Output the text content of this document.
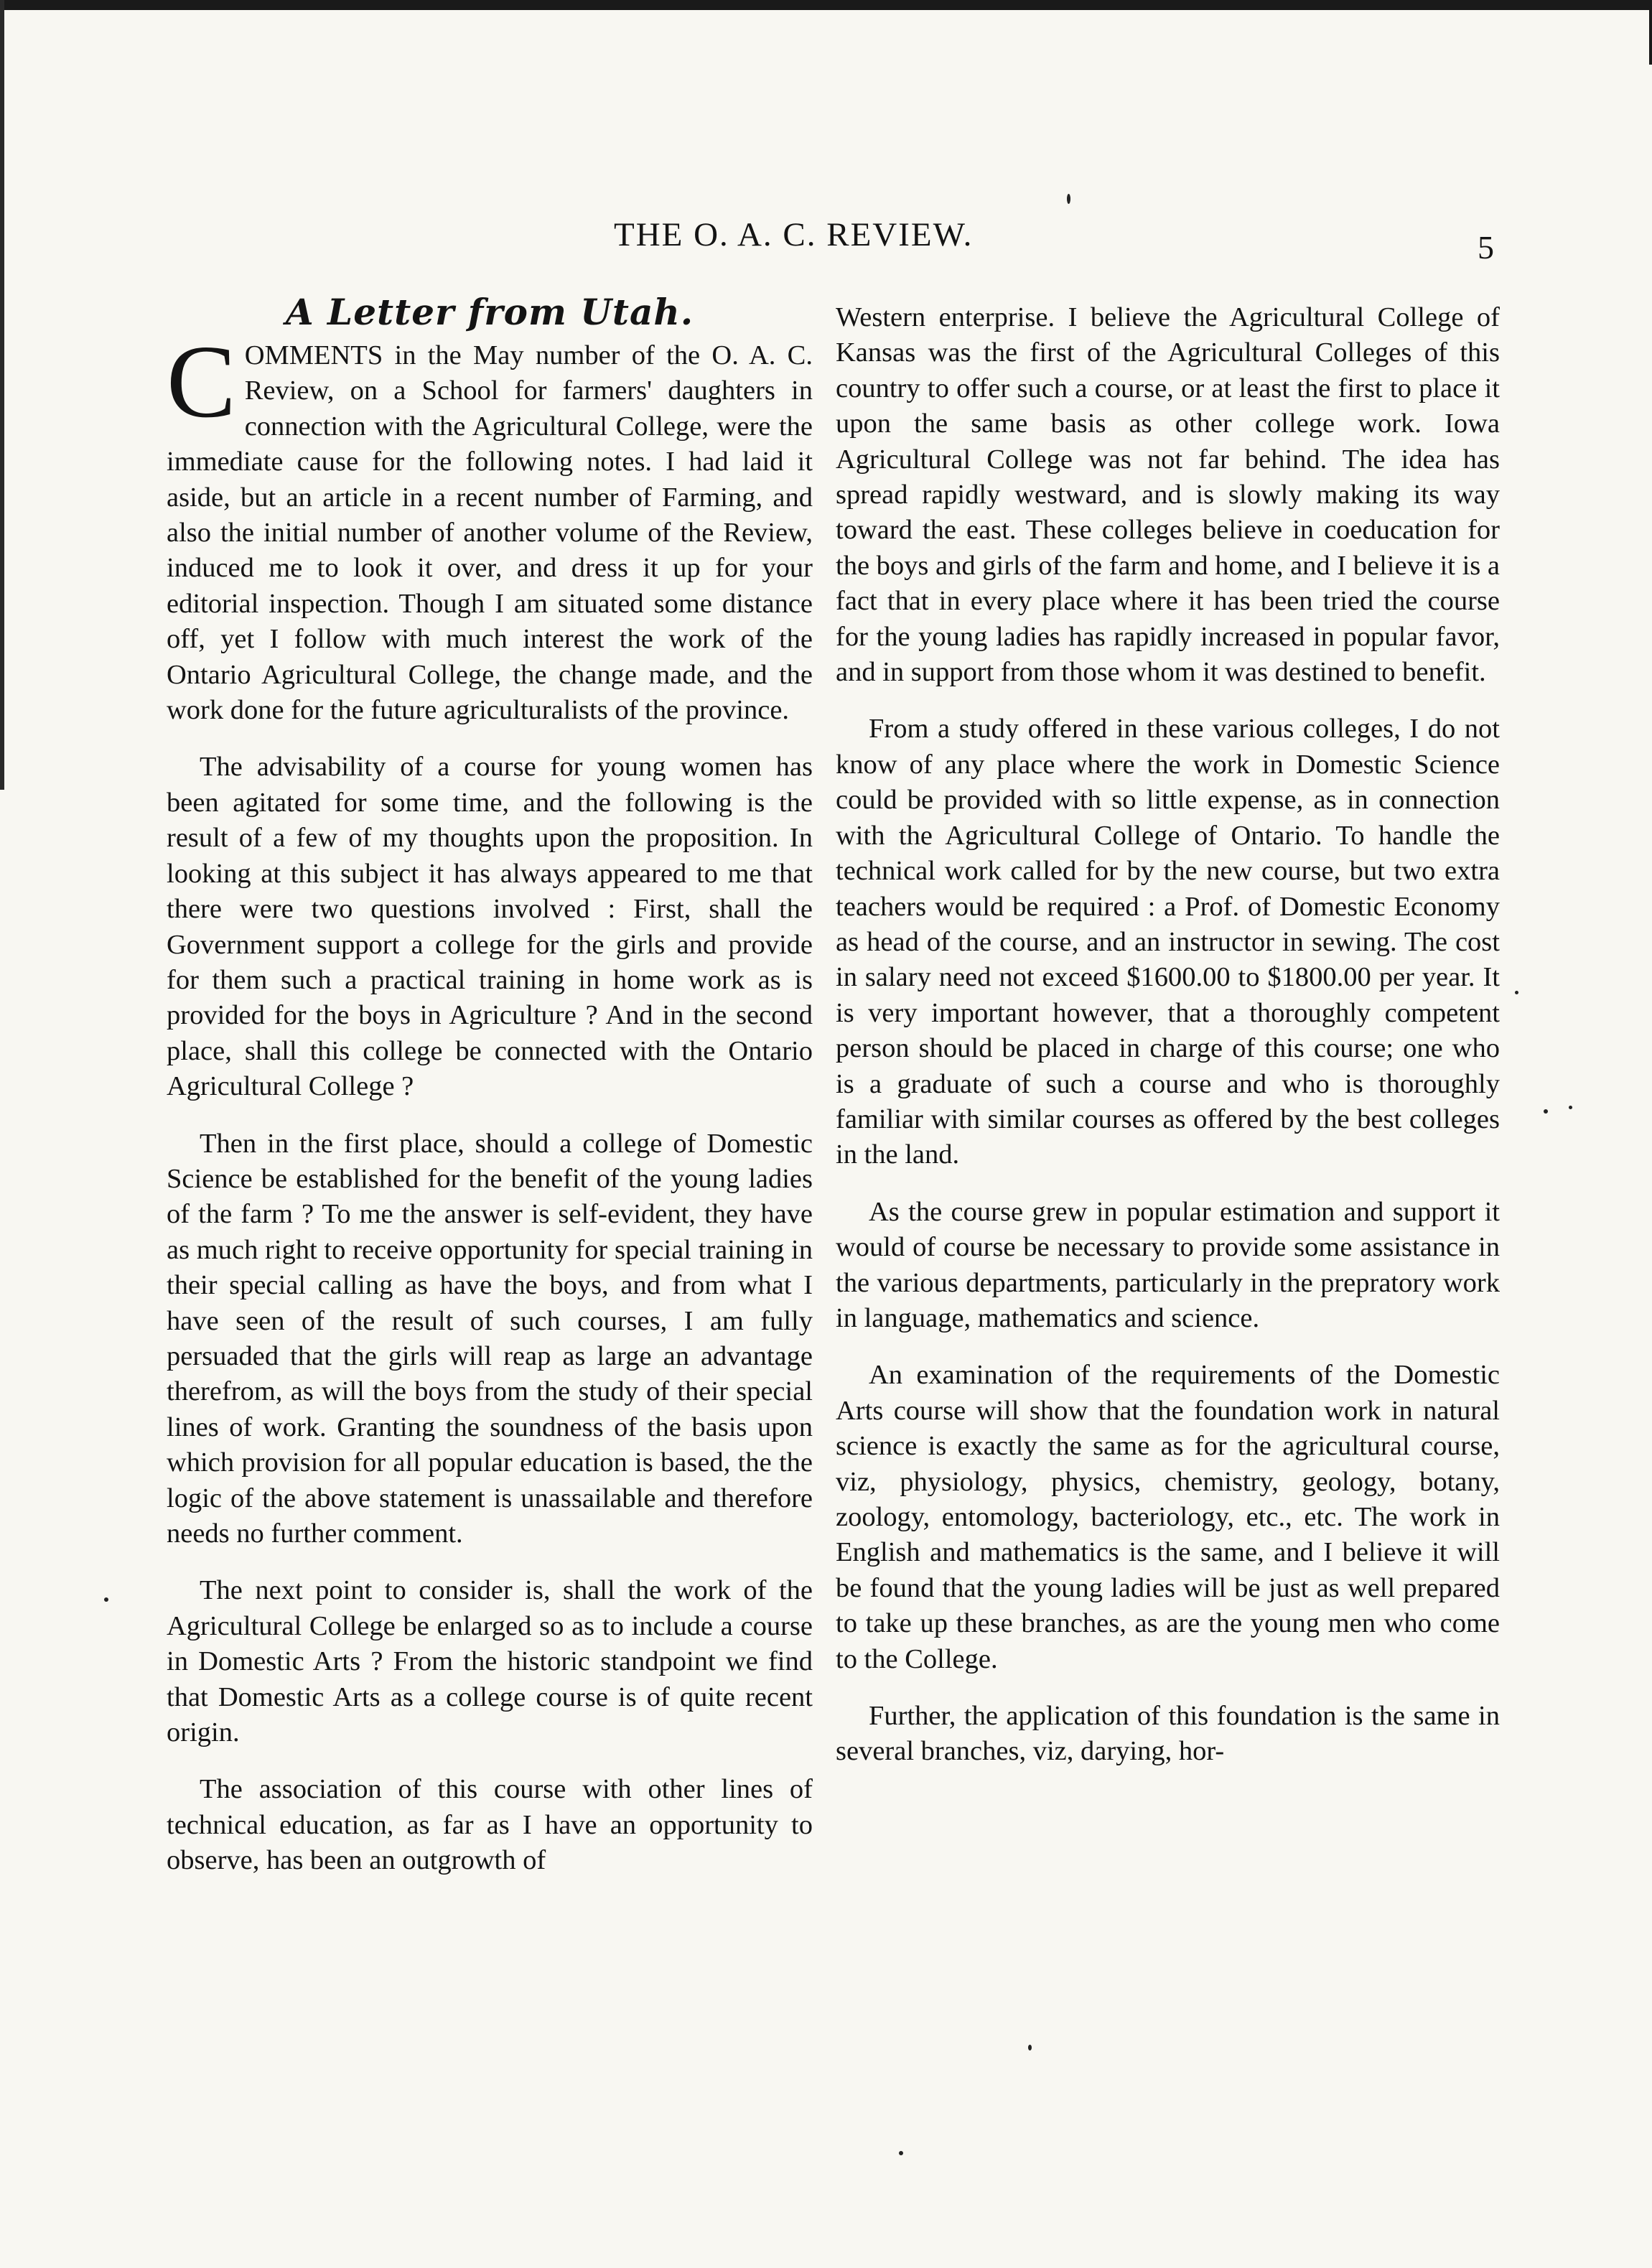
THE O. A. C. REVIEW.	5
A Letter from Utah.

COMMENTS in the May number of the O. A. C. Review, on a School for farmers' daughters in connection with the Agricultural College, were the immediate cause for the following notes. I had laid it aside, but an article in a recent number of Farming, and also the initial number of another volume of the Review, induced me to look it over, and dress it up for your editorial inspection. Though I am situated some distance off, yet I follow with much interest the work of the Ontario Agricultural College, the change made, and the work done for the future agriculturalists of the province.

The advisability of a course for young women has been agitated for some time, and the following is the result of a few of my thoughts upon the proposition. In looking at this subject it has always appeared to me that there were two questions involved : First, shall the Government support a college for the girls and provide for them such a practical training in home work as is provided for the boys in Agriculture ? And in the second place, shall this college be connected with the Ontario Agricultural College ?

Then in the first place, should a college of Domestic Science be established for the benefit of the young ladies of the farm ? To me the answer is self-evident, they have as much right to receive opportunity for special training in their special calling as have the boys, and from what I have seen of the result of such courses, I am fully persuaded that the girls will reap as large an advantage therefrom, as will the boys from the study of their special lines of work. Granting the soundness of the basis upon which provision for all popular education is based, the the logic of the above statement is unassailable and therefore needs no further comment.

The next point to consider is, shall the work of the Agricultural College be enlarged so as to include a course in Domestic Arts ? From the historic standpoint we find that Domestic Arts as a college course is of quite recent origin.

The association of this course with other lines of technical education, as far as I have an opportunity to observe, has been an outgrowth of

Western enterprise. I believe the Agricultural College of Kansas was the first of the Agricultural Colleges of this country to offer such a course, or at least the first to place it upon the same basis as other college work. Iowa Agricultural College was not far behind. The idea has spread rapidly westward, and is slowly making its way toward the east. These colleges believe in coeducation for the boys and girls of the farm and home, and I believe it is a fact that in every place where it has been tried the course for the young ladies has rapidly increased in popular favor, and in support from those whom it was destined to benefit.

From a study offered in these various colleges, I do not know of any place where the work in Domestic Science could be provided with so little expense, as in connection with the Agricultural College of Ontario. To handle the technical work called for by the new course, but two extra teachers would be required : a Prof. of Domestic Economy as head of the course, and an instructor in sewing. The cost in salary need not exceed $1600.00 to $1800.00 per year. It is very important however, that a thoroughly competent person should be placed in charge of this course; one who is a graduate of such a course and who is thoroughly familiar with similar courses as offered by the best colleges in the land.

As the course grew in popular estimation and support it would of course be necessary to provide some assistance in the various departments, particularly in the prepratory work in language, mathematics and science.

An examination of the requirements of the Domestic Arts course will show that the foundation work in natural science is exactly the same as for the agricultural course, viz, physiology, physics, chemistry, geology, botany, zoology, entomology, bacteriology, etc., etc. The work in English and mathematics is the same, and I believe it will be found that the young ladies will be just as well prepared to take up these branches, as are the young men who come to the College.

Further, the application of this foundation is the same in several branches, viz, darying, hor-
